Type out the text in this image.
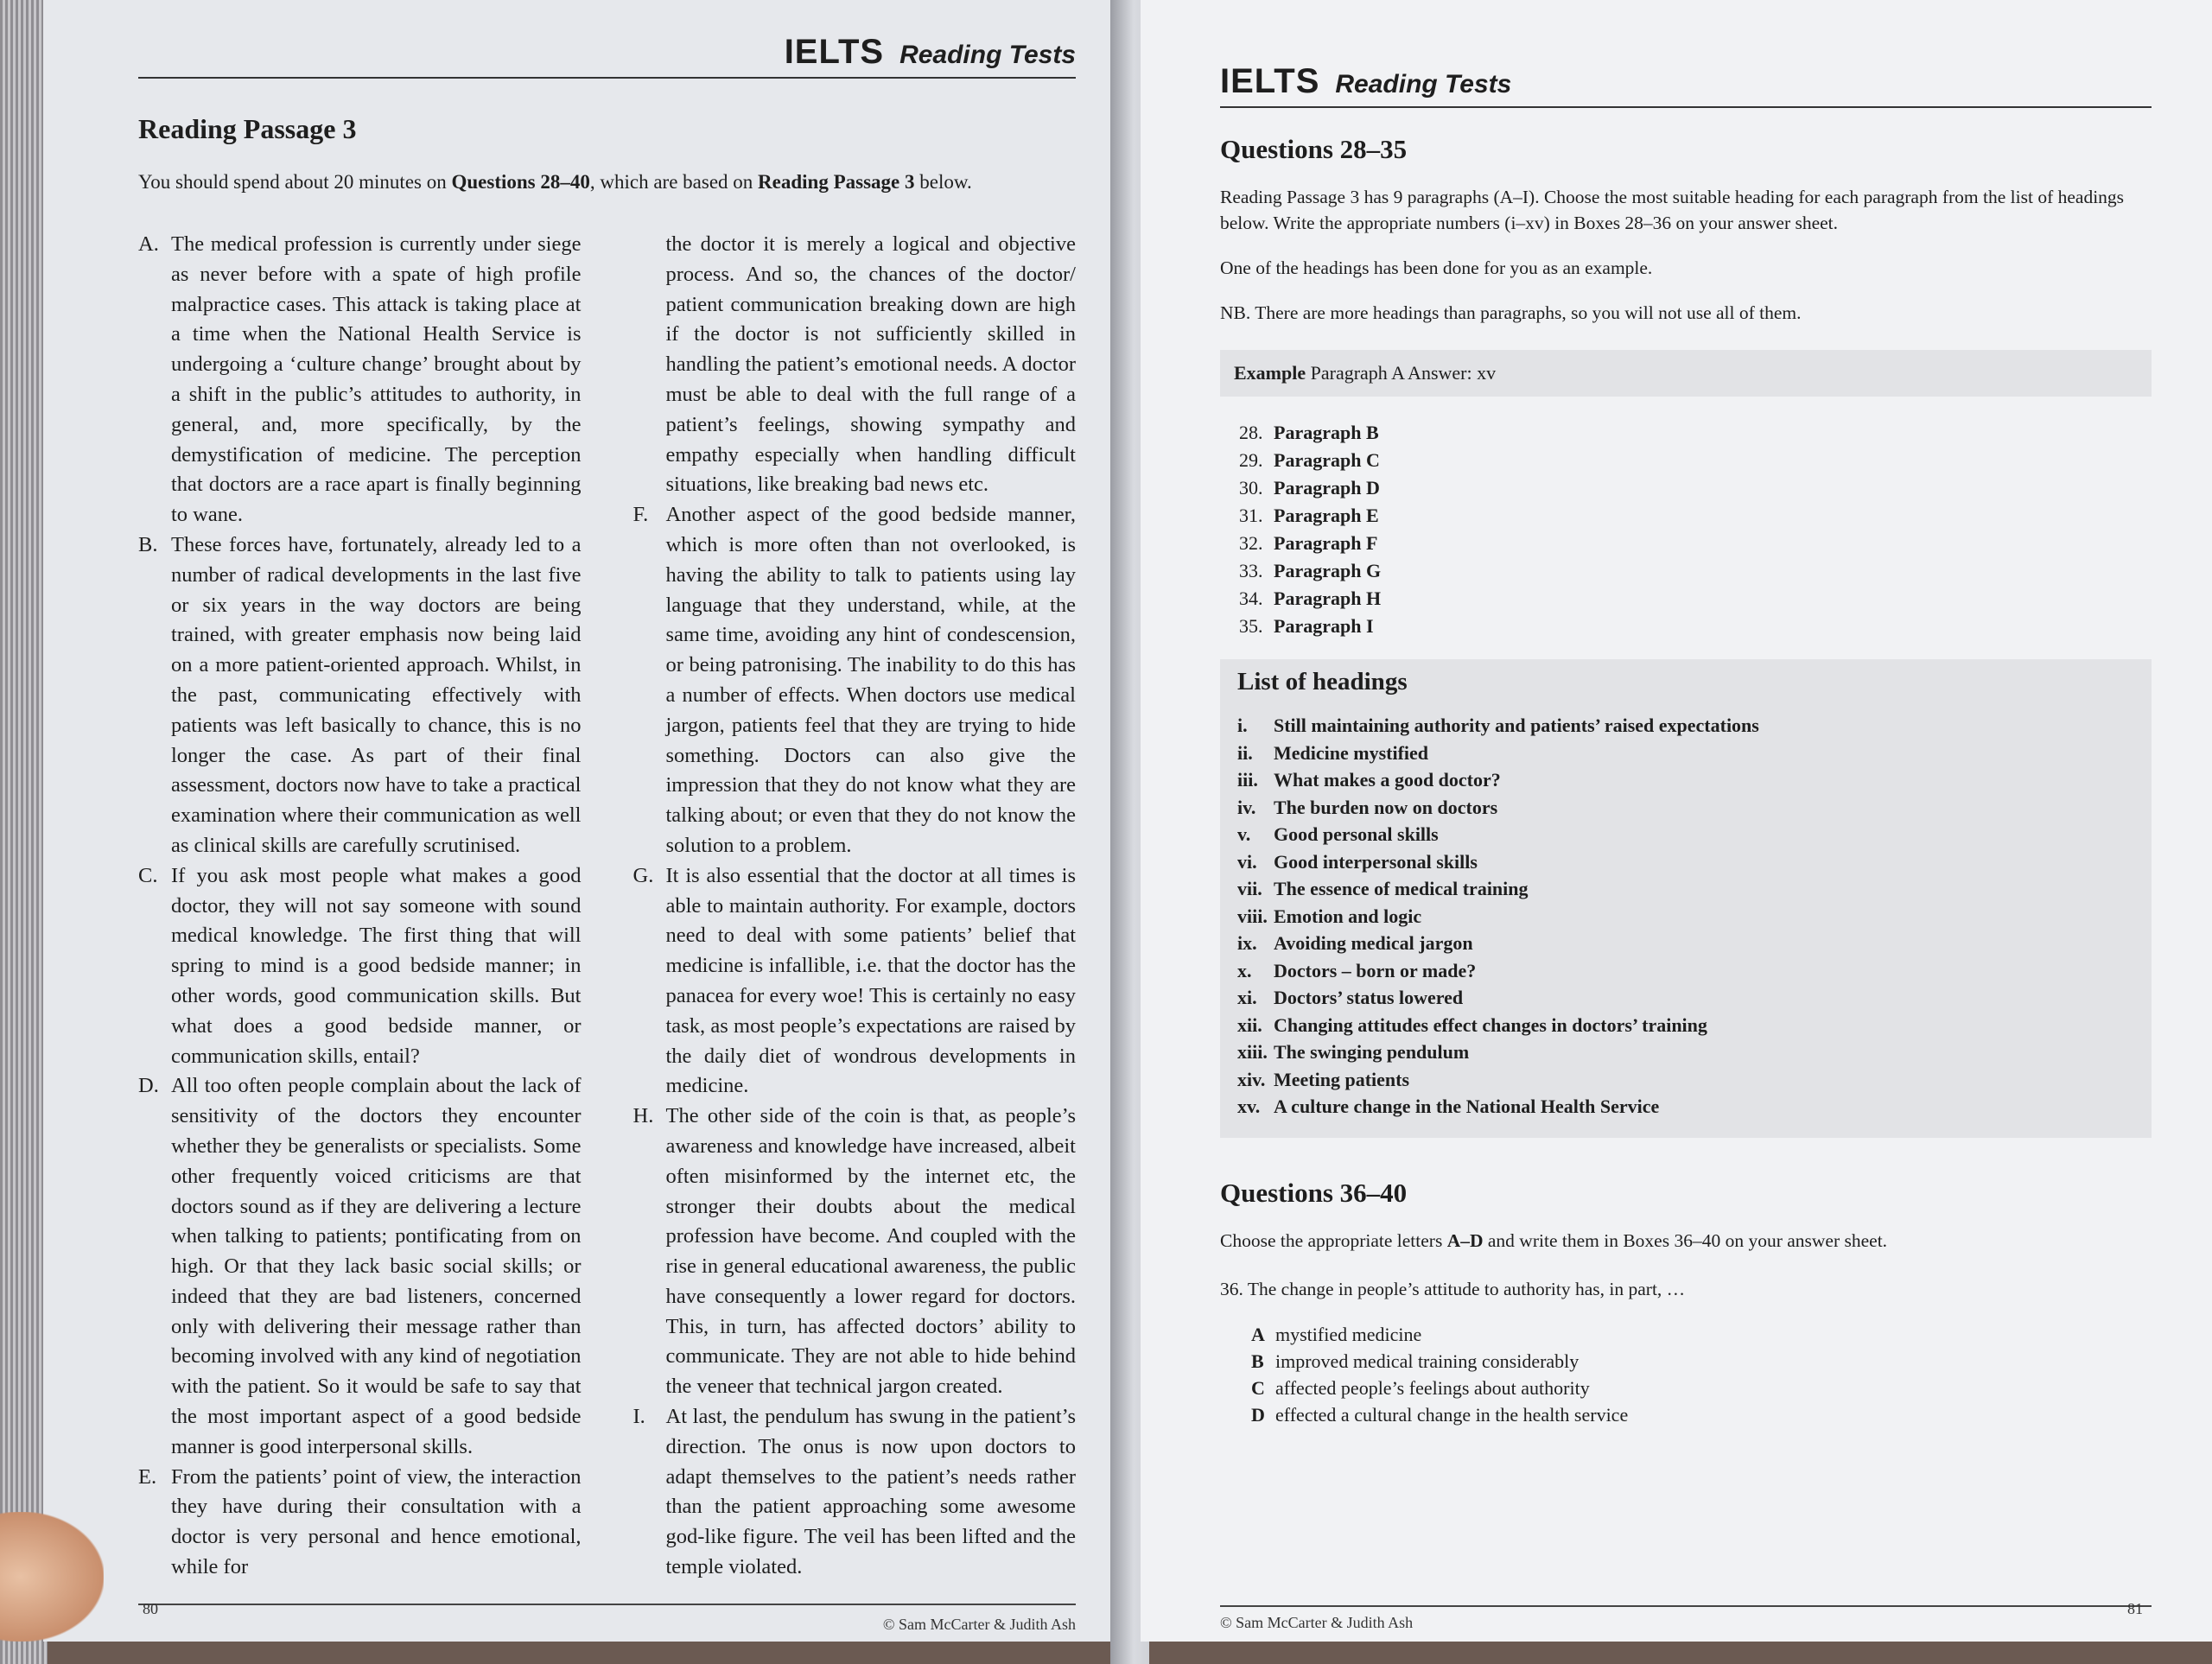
IELTS Reading Tests
Reading Passage 3

You should spend about 20 minutes on Questions 28–40, which are based on Reading Passage 3 below.

A. The medical profession is currently under siege as never before with a spate of high profile malpractice cases. This attack is taking place at a time when the National Health Service is undergoing a ‘culture change’ brought about by a shift in the public’s attitudes to authority, in general, and, more specifically, by the demystification of medicine. The perception that doctors are a race apart is finally beginning to wane.
B. These forces have, fortunately, already led to a number of radical developments in the last five or six years in the way doctors are being trained, with greater emphasis now being laid on a more patient-oriented approach. Whilst, in the past, communicating effectively with patients was left basically to chance, this is no longer the case. As part of their final assessment, doctors now have to take a practical examination where their communication as well as clinical skills are carefully scrutinised.
C. If you ask most people what makes a good doctor, they will not say someone with sound medical knowledge. The first thing that will spring to mind is a good bedside manner; in other words, good communication skills. But what does a good bedside manner, or communication skills, entail?
D. All too often people complain about the lack of sensitivity of the doctors they encounter whether they be generalists or specialists. Some other frequently voiced criticisms are that doctors sound as if they are delivering a lecture when talking to patients; pontificating from on high. Or that they lack basic social skills; or indeed that they are bad listeners, concerned only with delivering their message rather than becoming involved with any kind of negotiation with the patient. So it would be safe to say that the most important aspect of a good bedside manner is good interpersonal skills.
E. From the patients’ point of view, the interaction they have during their consultation with a doctor is very personal and hence emotional, while for
the doctor it is merely a logical and objective process. And so, the chances of the doctor/ patient communication breaking down are high if the doctor is not sufficiently skilled in handling the patient’s emotional needs. A doctor must be able to deal with the full range of a patient’s feelings, showing sympathy and empathy especially when handling difficult situations, like breaking bad news etc.
F. Another aspect of the good bedside manner, which is more often than not overlooked, is having the ability to talk to patients using lay language that they understand, while, at the same time, avoiding any hint of condescension, or being patronising. The inability to do this has a number of effects. When doctors use medical jargon, patients feel that they are trying to hide something. Doctors can also give the impression that they do not know what they are talking about; or even that they do not know the solution to a problem.
G. It is also essential that the doctor at all times is able to maintain authority. For example, doctors need to deal with some patients’ belief that medicine is infallible, i.e. that the doctor has the panacea for every woe! This is certainly no easy task, as most people’s expectations are raised by the daily diet of wondrous developments in medicine.
H. The other side of the coin is that, as people’s awareness and knowledge have increased, albeit often misinformed by the internet etc, the stronger their doubts about the medical profession have become. And coupled with the rise in general educational awareness, the public have consequently a lower regard for doctors. This, in turn, has affected doctors’ ability to communicate. They are not able to hide behind the veneer that technical jargon created.
I. At last, the pendulum has swung in the patient’s direction. The onus is now upon doctors to adapt themselves to the patient’s needs rather than the patient approaching some awesome god-like figure. The veil has been lifted and the temple violated.
80
© Sam McCarter & Judith Ash
IELTS Reading Tests
Questions 28–35

Reading Passage 3 has 9 paragraphs (A–I). Choose the most suitable heading for each paragraph from the list of headings below. Write the appropriate numbers (i–xv) in Boxes 28–36 on your answer sheet.

One of the headings has been done for you as an example.

NB. There are more headings than paragraphs, so you will not use all of them.

Example Paragraph A Answer: xv
28. Paragraph B
29. Paragraph C
30. Paragraph D
31. Paragraph E
32. Paragraph F
33. Paragraph G
34. Paragraph H
35. Paragraph I
List of headings
i. Still maintaining authority and patients’ raised expectations
ii. Medicine mystified
iii. What makes a good doctor?
iv. The burden now on doctors
v. Good personal skills
vi. Good interpersonal skills
vii. The essence of medical training
viii. Emotion and logic
ix. Avoiding medical jargon
x. Doctors – born or made?
xi. Doctors’ status lowered
xii. Changing attitudes effect changes in doctors’ training
xiii. The swinging pendulum
xiv. Meeting patients
xv. A culture change in the National Health Service
Questions 36–40

Choose the appropriate letters A–D and write them in Boxes 36–40 on your answer sheet.

36. The change in people’s attitude to authority has, in part, …

A mystified medicine
B improved medical training considerably
C affected people’s feelings about authority
D effected a cultural change in the health service
© Sam McCarter & Judith Ash
81
